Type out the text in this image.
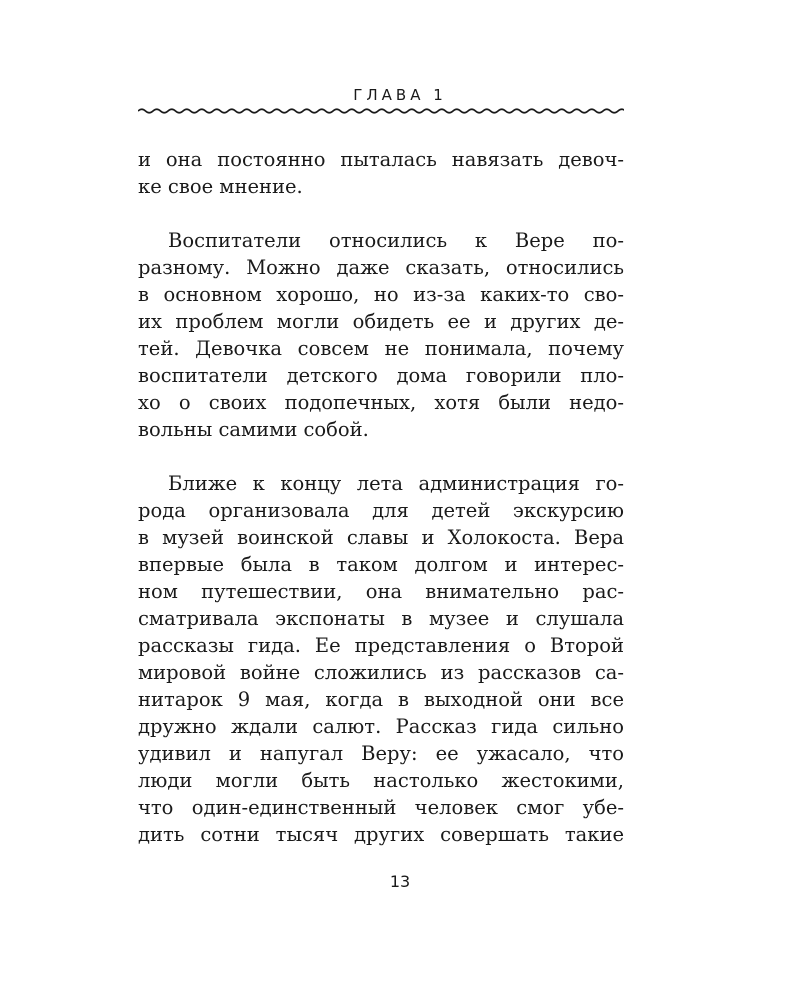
ГЛАВА 1

и она постоянно пыталась навязать девоч-
ке свое мнение.

Воспитатели относились к Вере по-
разному. Можно даже сказать, относились
в основном хорошо, но из-за каких-то сво-
их проблем могли обидеть ее и других де-
тей. Девочка совсем не понимала, почему
воспитатели детского дома говорили пло-
хо о своих подопечных, хотя были недо-
вольны самими собой.

Ближе к концу лета администрация го-
рода организовала для детей экскурсию
в музей воинской славы и Холокоста. Вера
впервые была в таком долгом и интерес-
ном путешествии, она внимательно рас-
сматривала экспонаты в музее и слушала
рассказы гида. Ее представления о Второй
мировой войне сложились из рассказов са-
нитарок 9 мая, когда в выходной они все
дружно ждали салют. Рассказ гида сильно
удивил и напугал Веру: ее ужасало, что
люди могли быть настолько жестокими,
что один-единственный человек смог убе-
дить сотни тысяч других совершать такие

13
